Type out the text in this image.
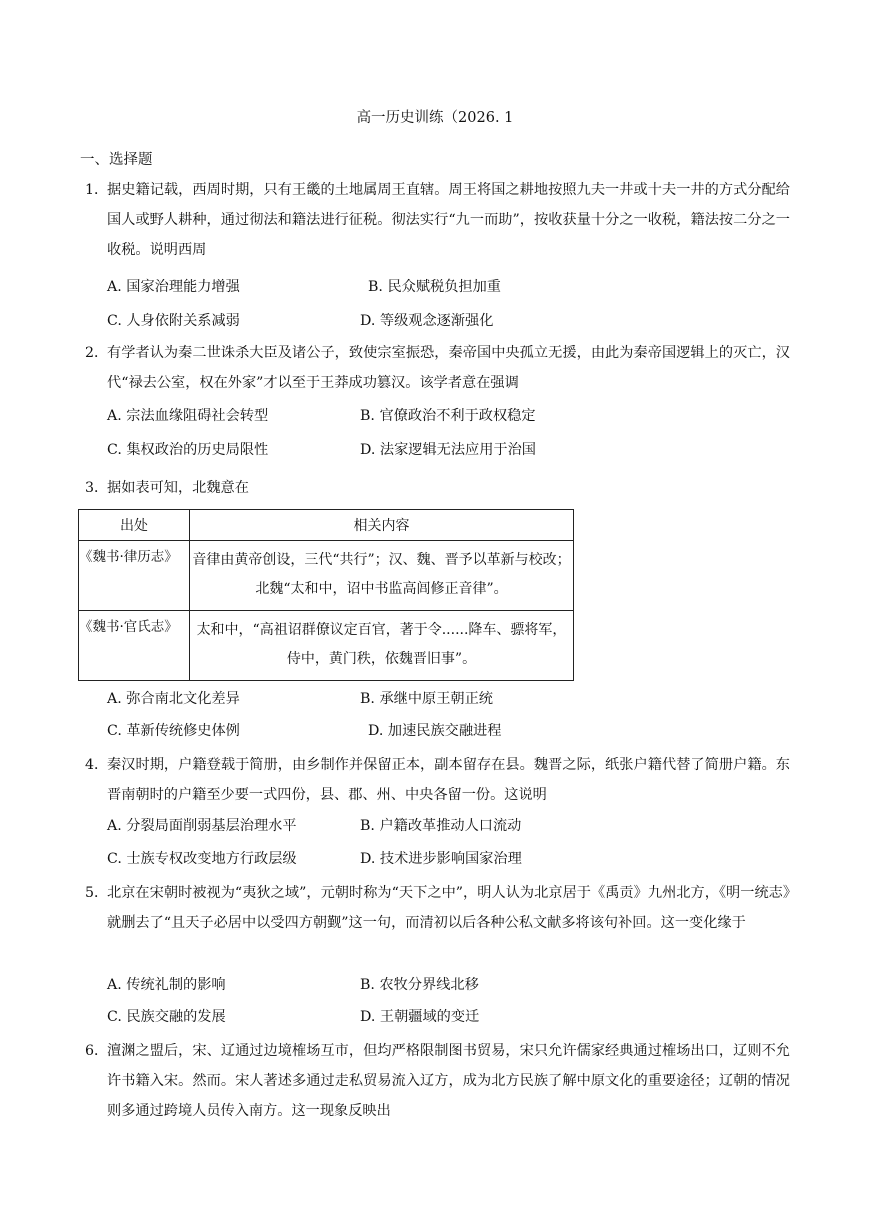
高一历史训练（2026. 1
一、选择题
1．
据史籍记载，西周时期，只有王畿的土地属周王直辖。周王将国之耕地按照九夫一井或十夫一井的方式分配给国人或野人耕种，通过彻法和籍法进行征税。彻法实行“九一而助”，按收获量十分之一收税，籍法按二分之一收税。说明西周
A. 国家治理能力增强	B. 民众赋税负担加重
C. 人身依附关系减弱	D. 等级观念逐渐强化
2．
有学者认为秦二世诛杀大臣及诸公子，致使宗室振恐，秦帝国中央孤立无援，由此为秦帝国逻辑上的灭亡，汉代“禄去公室，权在外家”才以至于王莽成功篡汉。该学者意在强调
A. 宗法血缘阻碍社会转型	B. 官僚政治不利于政权稳定
C. 集权政治的历史局限性	D. 法家逻辑无法应用于治国
3．
据如表可知，北魏意在
出处	相关内容
《魏书·律历志》	音律由黄帝创设，三代“共行”；汉、魏、晋予以革新与校改；北魏“太和中，诏中书监高闾修正音律”。
《魏书·官氏志》	太和中，“高祖诏群僚议定百官，著于令......降车、骠将军，侍中，黄门秩，依魏晋旧事”。
A. 弥合南北文化差异	B. 承继中原王朝正统
C. 革新传统修史体例	D. 加速民族交融进程
4．
秦汉时期，户籍登载于简册，由乡制作并保留正本，副本留存在县。魏晋之际，纸张户籍代替了简册户籍。东晋南朝时的户籍至少要一式四份，县、郡、州、中央各留一份。这说明
A. 分裂局面削弱基层治理水平	B. 户籍改革推动人口流动
C. 士族专权改变地方行政层级	D. 技术进步影响国家治理
5．
北京在宋朝时被视为“夷狄之域”，元朝时称为“天下之中”，明人认为北京居于《禹贡》九州北方，《明一统志》就删去了“且天子必居中以受四方朝觐”这一句，而清初以后各种公私文献多将该句补回。这一变化缘于
A. 传统礼制的影响	B. 农牧分界线北移
C. 民族交融的发展	D. 王朝疆域的变迁
6．
澶渊之盟后，宋、辽通过边境榷场互市，但均严格限制图书贸易，宋只允许儒家经典通过榷场出口，辽则不允许书籍入宋。然而。宋人著述多通过走私贸易流入辽方，成为北方民族了解中原文化的重要途径；辽朝的情况则多通过跨境人员传入南方。这一现象反映出
